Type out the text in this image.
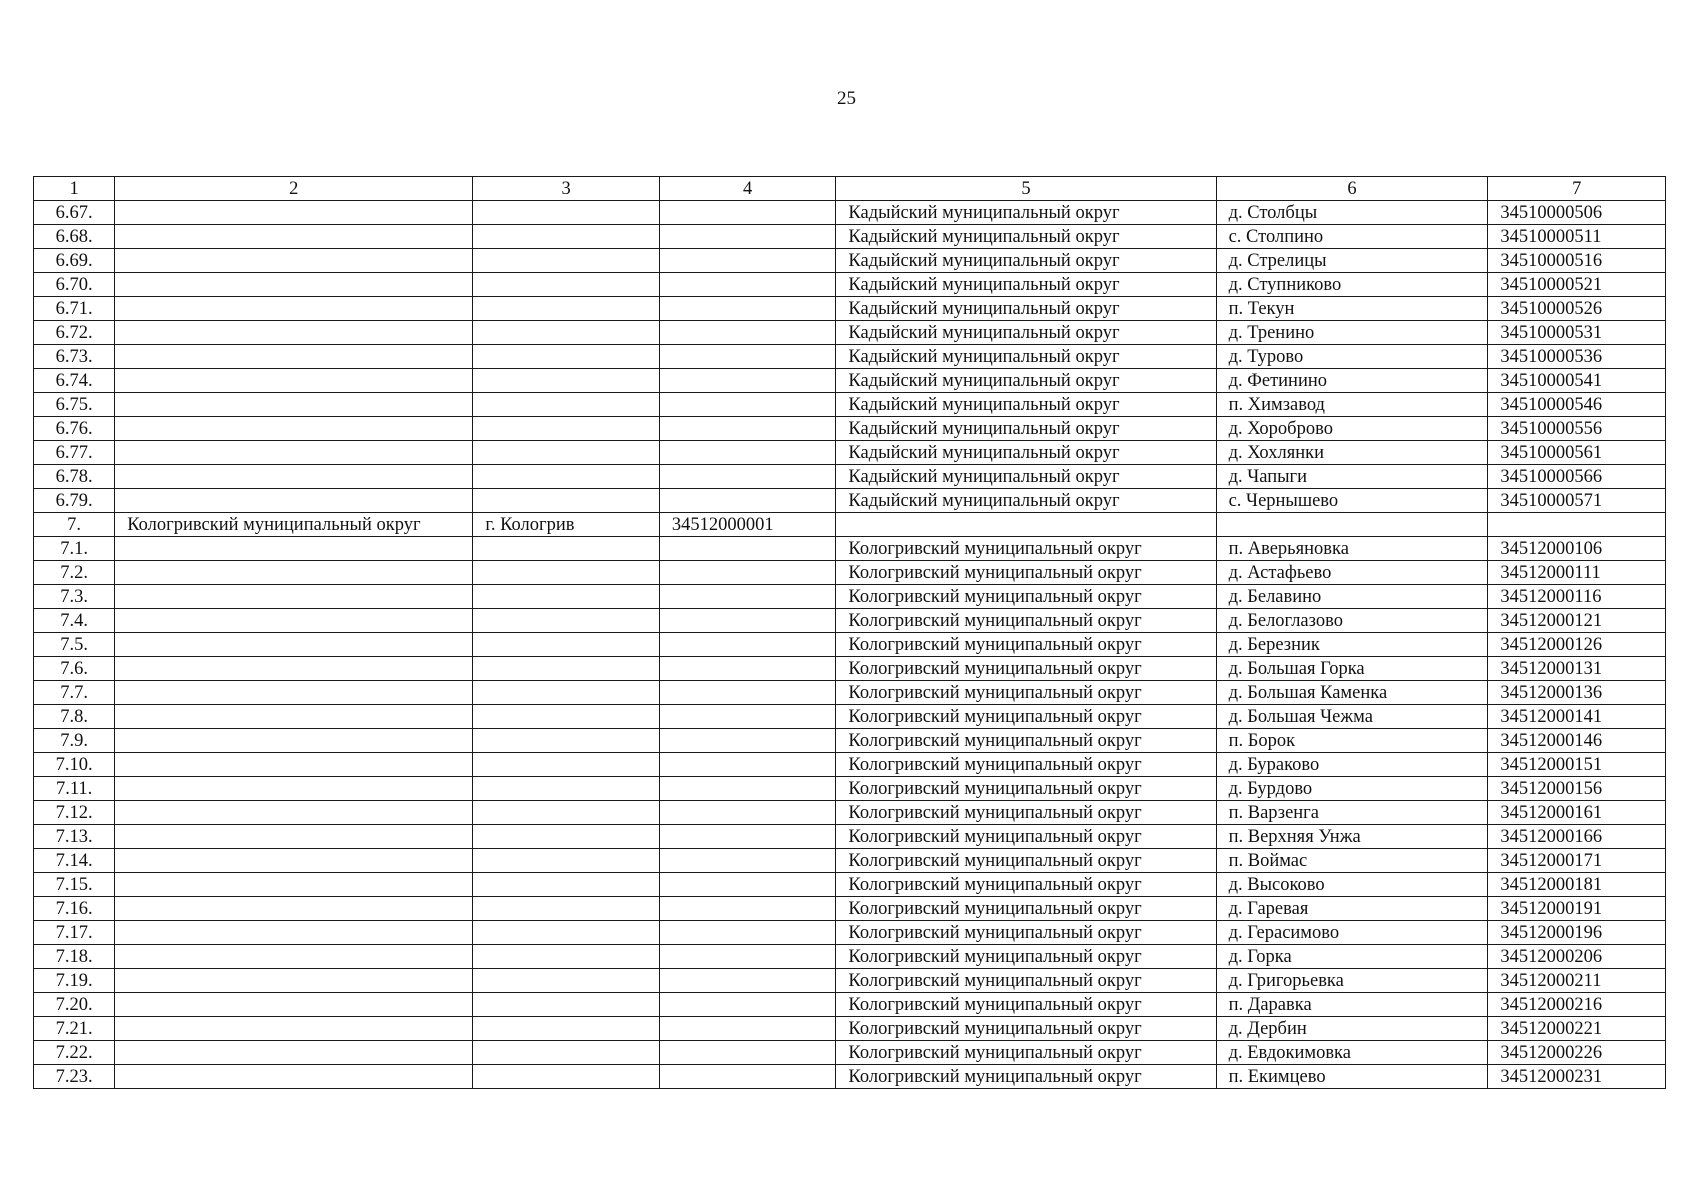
25
1	2	3	4	5	6	7
6.67.				Кадыйский муниципальный округ	д. Столбцы	34510000506
6.68.				Кадыйский муниципальный округ	с. Столпино	34510000511
6.69.				Кадыйский муниципальный округ	д. Стрелицы	34510000516
6.70.				Кадыйский муниципальный округ	д. Ступниково	34510000521
6.71.				Кадыйский муниципальный округ	п. Текун	34510000526
6.72.				Кадыйский муниципальный округ	д. Тренино	34510000531
6.73.				Кадыйский муниципальный округ	д. Турово	34510000536
6.74.				Кадыйский муниципальный округ	д. Фетинино	34510000541
6.75.				Кадыйский муниципальный округ	п. Химзавод	34510000546
6.76.				Кадыйский муниципальный округ	д. Хороброво	34510000556
6.77.				Кадыйский муниципальный округ	д. Хохлянки	34510000561
6.78.				Кадыйский муниципальный округ	д. Чапыги	34510000566
6.79.				Кадыйский муниципальный округ	с. Чернышево	34510000571
7.	Кологривский муниципальный округ	г. Кологрив	34512000001			
7.1.				Кологривский муниципальный округ	п. Аверьяновка	34512000106
7.2.				Кологривский муниципальный округ	д. Астафьево	34512000111
7.3.				Кологривский муниципальный округ	д. Белавино	34512000116
7.4.				Кологривский муниципальный округ	д. Белоглазово	34512000121
7.5.				Кологривский муниципальный округ	д. Березник	34512000126
7.6.				Кологривский муниципальный округ	д. Большая Горка	34512000131
7.7.				Кологривский муниципальный округ	д. Большая Каменка	34512000136
7.8.				Кологривский муниципальный округ	д. Большая Чежма	34512000141
7.9.				Кологривский муниципальный округ	п. Борок	34512000146
7.10.				Кологривский муниципальный округ	д. Бураково	34512000151
7.11.				Кологривский муниципальный округ	д. Бурдово	34512000156
7.12.				Кологривский муниципальный округ	п. Варзенга	34512000161
7.13.				Кологривский муниципальный округ	п. Верхняя Унжа	34512000166
7.14.				Кологривский муниципальный округ	п. Воймас	34512000171
7.15.				Кологривский муниципальный округ	д. Высоково	34512000181
7.16.				Кологривский муниципальный округ	д. Гаревая	34512000191
7.17.				Кологривский муниципальный округ	д. Герасимово	34512000196
7.18.				Кологривский муниципальный округ	д. Горка	34512000206
7.19.				Кологривский муниципальный округ	д. Григорьевка	34512000211
7.20.				Кологривский муниципальный округ	п. Даравка	34512000216
7.21.				Кологривский муниципальный округ	д. Дербин	34512000221
7.22.				Кологривский муниципальный округ	д. Евдокимовка	34512000226
7.23.				Кологривский муниципальный округ	п. Екимцево	34512000231
